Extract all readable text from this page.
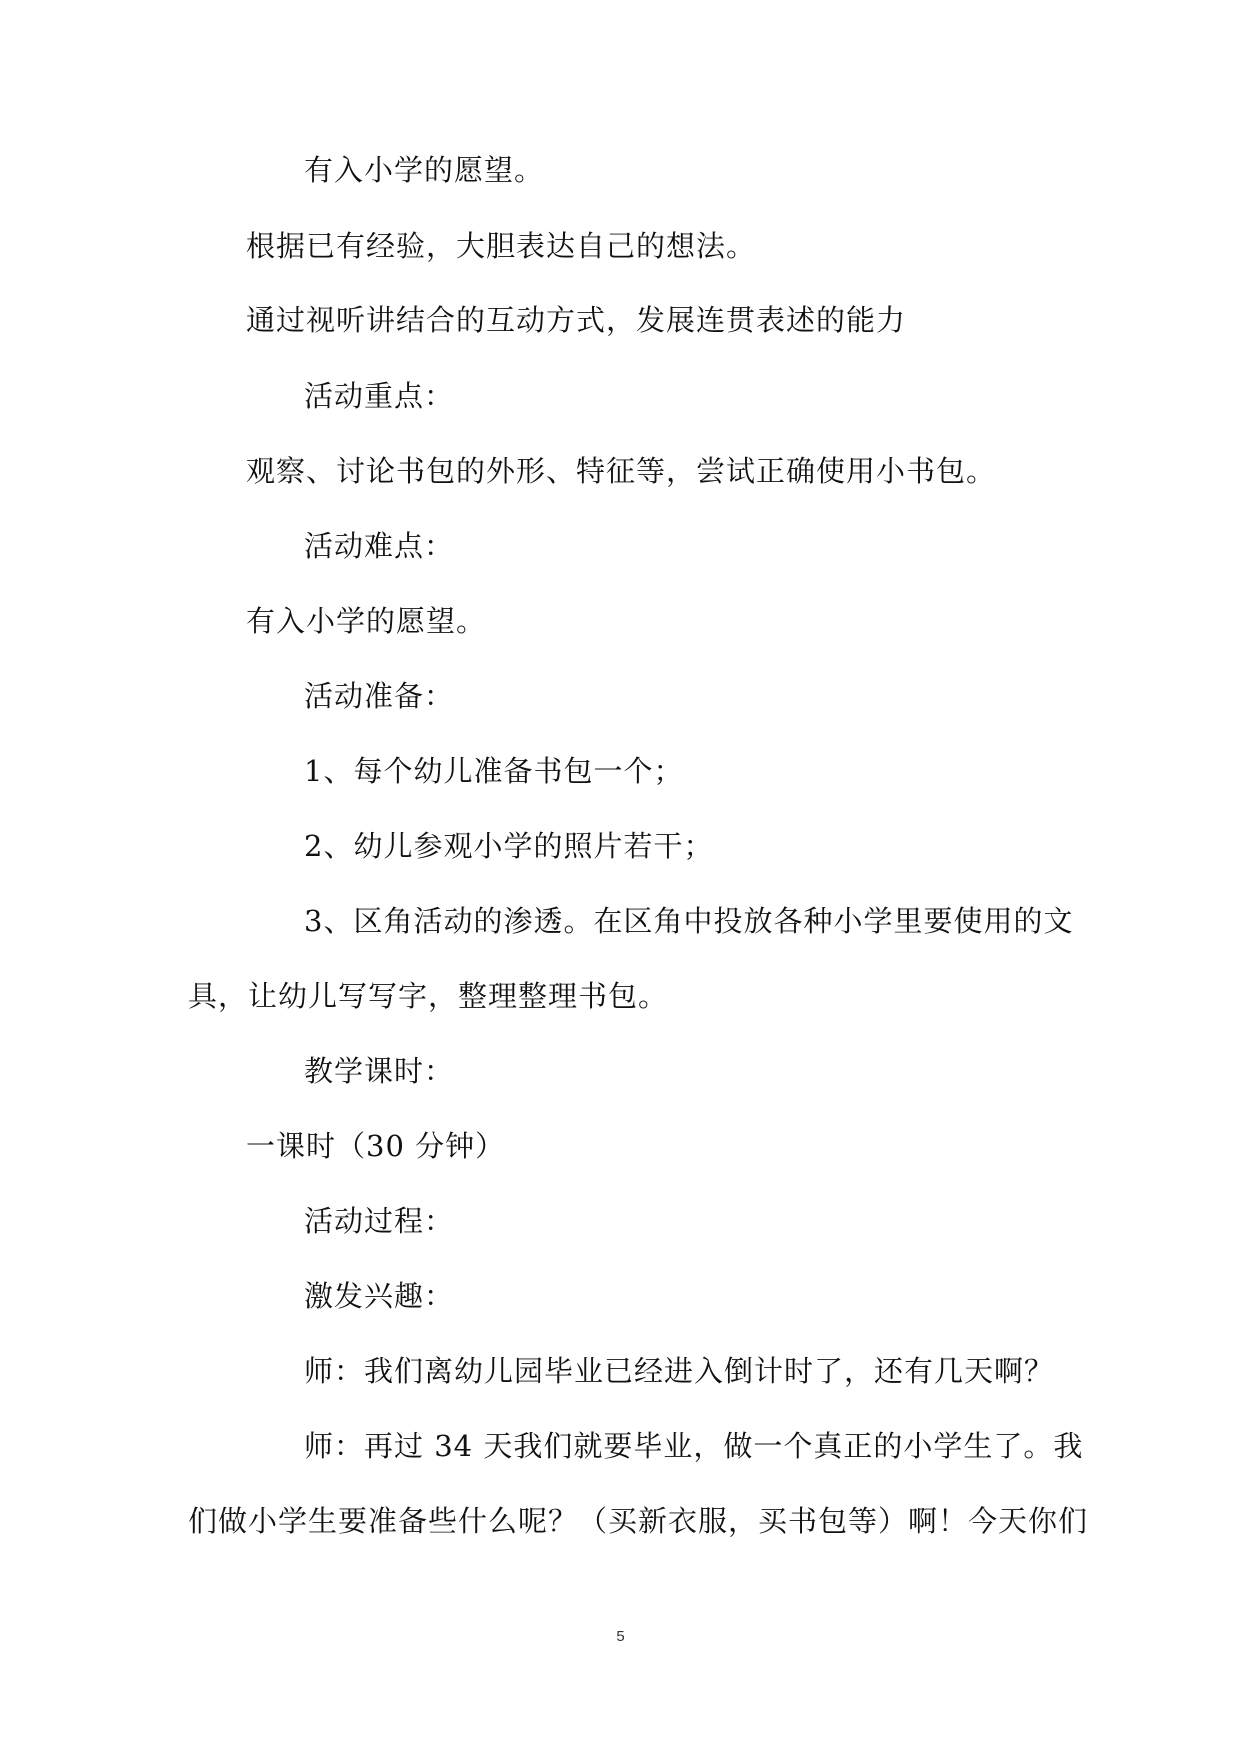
有入小学的愿望。
根据已有经验，大胆表达自己的想法。
通过视听讲结合的互动方式，发展连贯表述的能力
活动重点：
观察、讨论书包的外形、特征等，尝试正确使用小书包。
活动难点：
有入小学的愿望。
活动准备：
1、每个幼儿准备书包一个；
2、幼儿参观小学的照片若干；
3、区角活动的渗透。在区角中投放各种小学里要使用的文
具，让幼儿写写字，整理整理书包。
教学课时：
一课时（30 分钟）
活动过程：
激发兴趣：
师：我们离幼儿园毕业已经进入倒计时了，还有几天啊？
师：再过 34 天我们就要毕业，做一个真正的小学生了。我
们做小学生要准备些什么呢？（买新衣服，买书包等）啊！今天你们
5
